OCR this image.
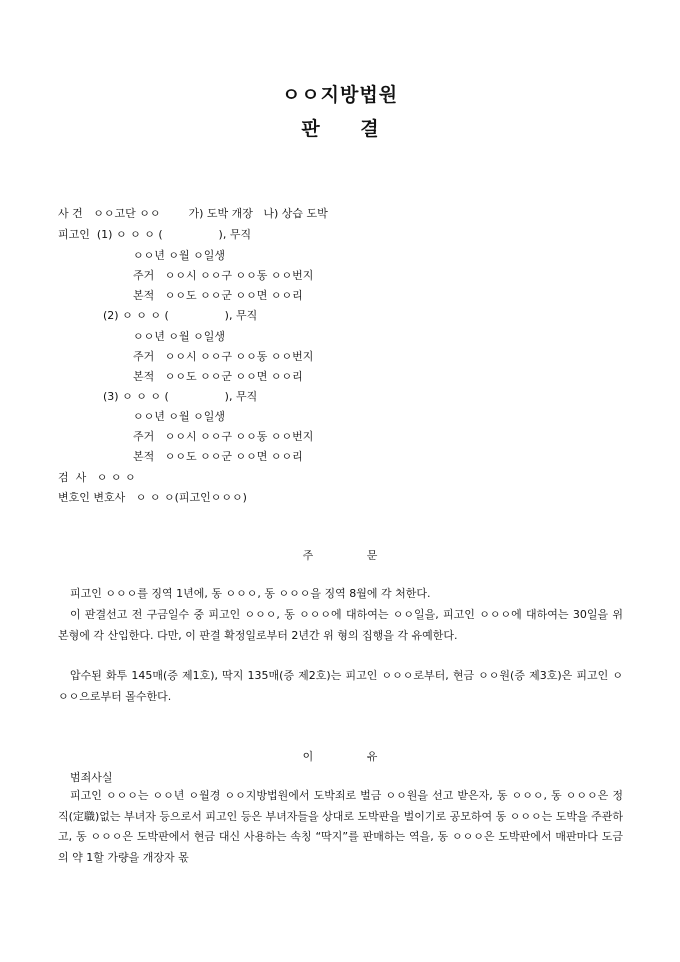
ㅇㅇ지방법원
판 결
사 건   ㅇㅇ고단 ㅇㅇ        가) 도박 개장   나) 상습 도박
피고인  (1) ㅇ ㅇ ㅇ (                ), 무직
ㅇㅇ년 ㅇ월 ㅇ일생
주거   ㅇㅇ시 ㅇㅇ구 ㅇㅇ동 ㅇㅇ번지
본적   ㅇㅇ도 ㅇㅇ군 ㅇㅇ면 ㅇㅇ리
(2) ㅇ ㅇ ㅇ (                ), 무직
ㅇㅇ년 ㅇ월 ㅇ일생
주거   ㅇㅇ시 ㅇㅇ구 ㅇㅇ동 ㅇㅇ번지
본적   ㅇㅇ도 ㅇㅇ군 ㅇㅇ면 ㅇㅇ리
(3) ㅇ ㅇ ㅇ (                ), 무직
ㅇㅇ년 ㅇ월 ㅇ일생
주거   ㅇㅇ시 ㅇㅇ구 ㅇㅇ동 ㅇㅇ번지
본적   ㅇㅇ도 ㅇㅇ군 ㅇㅇ면 ㅇㅇ리
검  사   ㅇ ㅇ ㅇ
변호인 변호사   ㅇ ㅇ ㅇ(피고인ㅇㅇㅇ)
주 문

피고인 ㅇㅇㅇ를 징역 1년에, 동 ㅇㅇㅇ, 동 ㅇㅇㅇ을 징역 8월에 각 처한다.

이 판결선고 전 구금일수 중 피고인 ㅇㅇㅇ, 동 ㅇㅇㅇ에 대하여는 ㅇㅇ일을, 피고인 ㅇㅇㅇ에 대하여는 30일을 위 본형에 각 산입한다. 다만, 이 판결 확정일로부터 2년간 위 형의 집행을 각 유예한다.

압수된 화투 145매(증 제1호), 딱지 135매(증 제2호)는 피고인 ㅇㅇㅇ로부터, 현금 ㅇㅇ원(증 제3호)은 피고인 ㅇㅇㅇ으로부터 몰수한다.

이 유
범죄사실

피고인 ㅇㅇㅇ는 ㅇㅇ년 ㅇ월경 ㅇㅇ지방법원에서 도박죄로 벌금 ㅇㅇ원을 선고 받은자, 동 ㅇㅇㅇ, 동 ㅇㅇㅇ은 정직(定職)없는 부녀자 등으로서 피고인 등은 부녀자들을 상대로 도박판을 벌이기로 공모하여 동 ㅇㅇㅇ는 도박을 주관하고, 동 ㅇㅇㅇ은 도박판에서 현금 대신 사용하는 속칭 “딱지”를 판매하는 역을, 동 ㅇㅇㅇ은 도박판에서 매판마다 도금의 약 1할 가량을 개장자 몫
